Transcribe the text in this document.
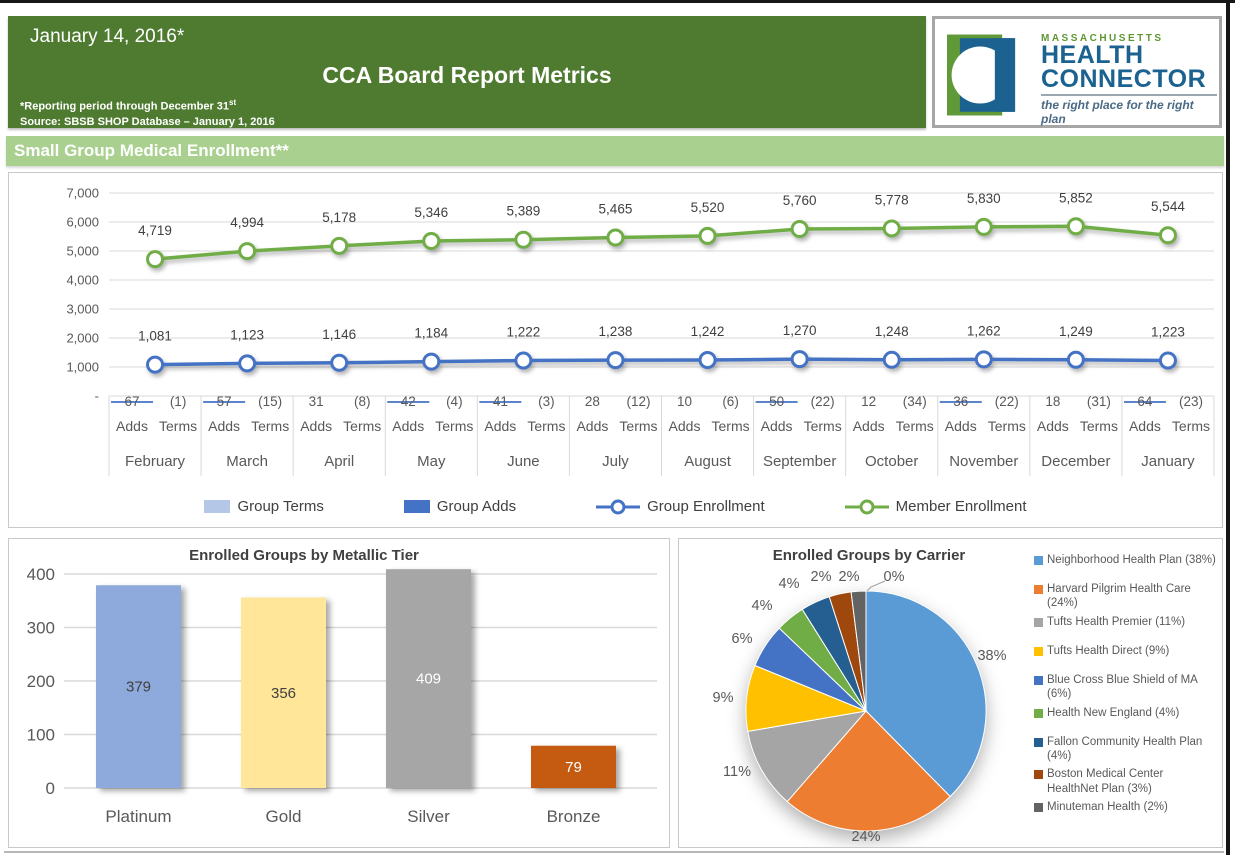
January 14, 2016*
CCA Board Report Metrics
*Reporting period through December 31st
Source: SBSB SHOP Database – January 1, 2016
MASSACHUSETTS
HEALTH
CONNECTOR
the right place for the right plan
Small Group Medical Enrollment**
7,000
6,000
5,000
4,000
3,000
2,000
1,000
- 67 (1)
Adds Terms
February
57 (15)
Adds Terms
March
31 (8)
Adds Terms
April
42 (4)
Adds Terms
May
41 (3)
Adds Terms
June
28 (12)
Adds Terms
July
10 (6)
Adds Terms
August
50 (22)
Adds Terms
September
12 (34)
Adds Terms
October
36 (22)
Adds Terms
November
18 (31)
Adds Terms
December
64 (23)
Adds Terms
January
4,719
4,994	5,178	5,346	5,389	5,465	5,520	5,760	5,778	5,830	5,852
5,544
1,081	1,123	1,146	1,184	1,222	1,238	1,242	1,270	1,248	1,262	1,249	1,223
Group Terms	Group Adds	Group Enrollment	Member Enrollment
Enrolled Groups by Metallic Tier
400
300
200
100
0
379
Platinum
356
Gold
409
Silver
79
Bronze
Enrolled Groups by Carrier
38%
24%
11%
9%
6%
4%
4% 2% 2% 0%
Neighborhood Health Plan (38%)
Harvard Pilgrim Health Care (24%)
Tufts Health Premier (11%)
Tufts Health Direct (9%)
Blue Cross Blue Shield of MA (6%)
Health New England (4%)
Fallon Community Health Plan (4%)
Boston Medical Center HealthNet Plan (3%)
Minuteman Health (2%)
